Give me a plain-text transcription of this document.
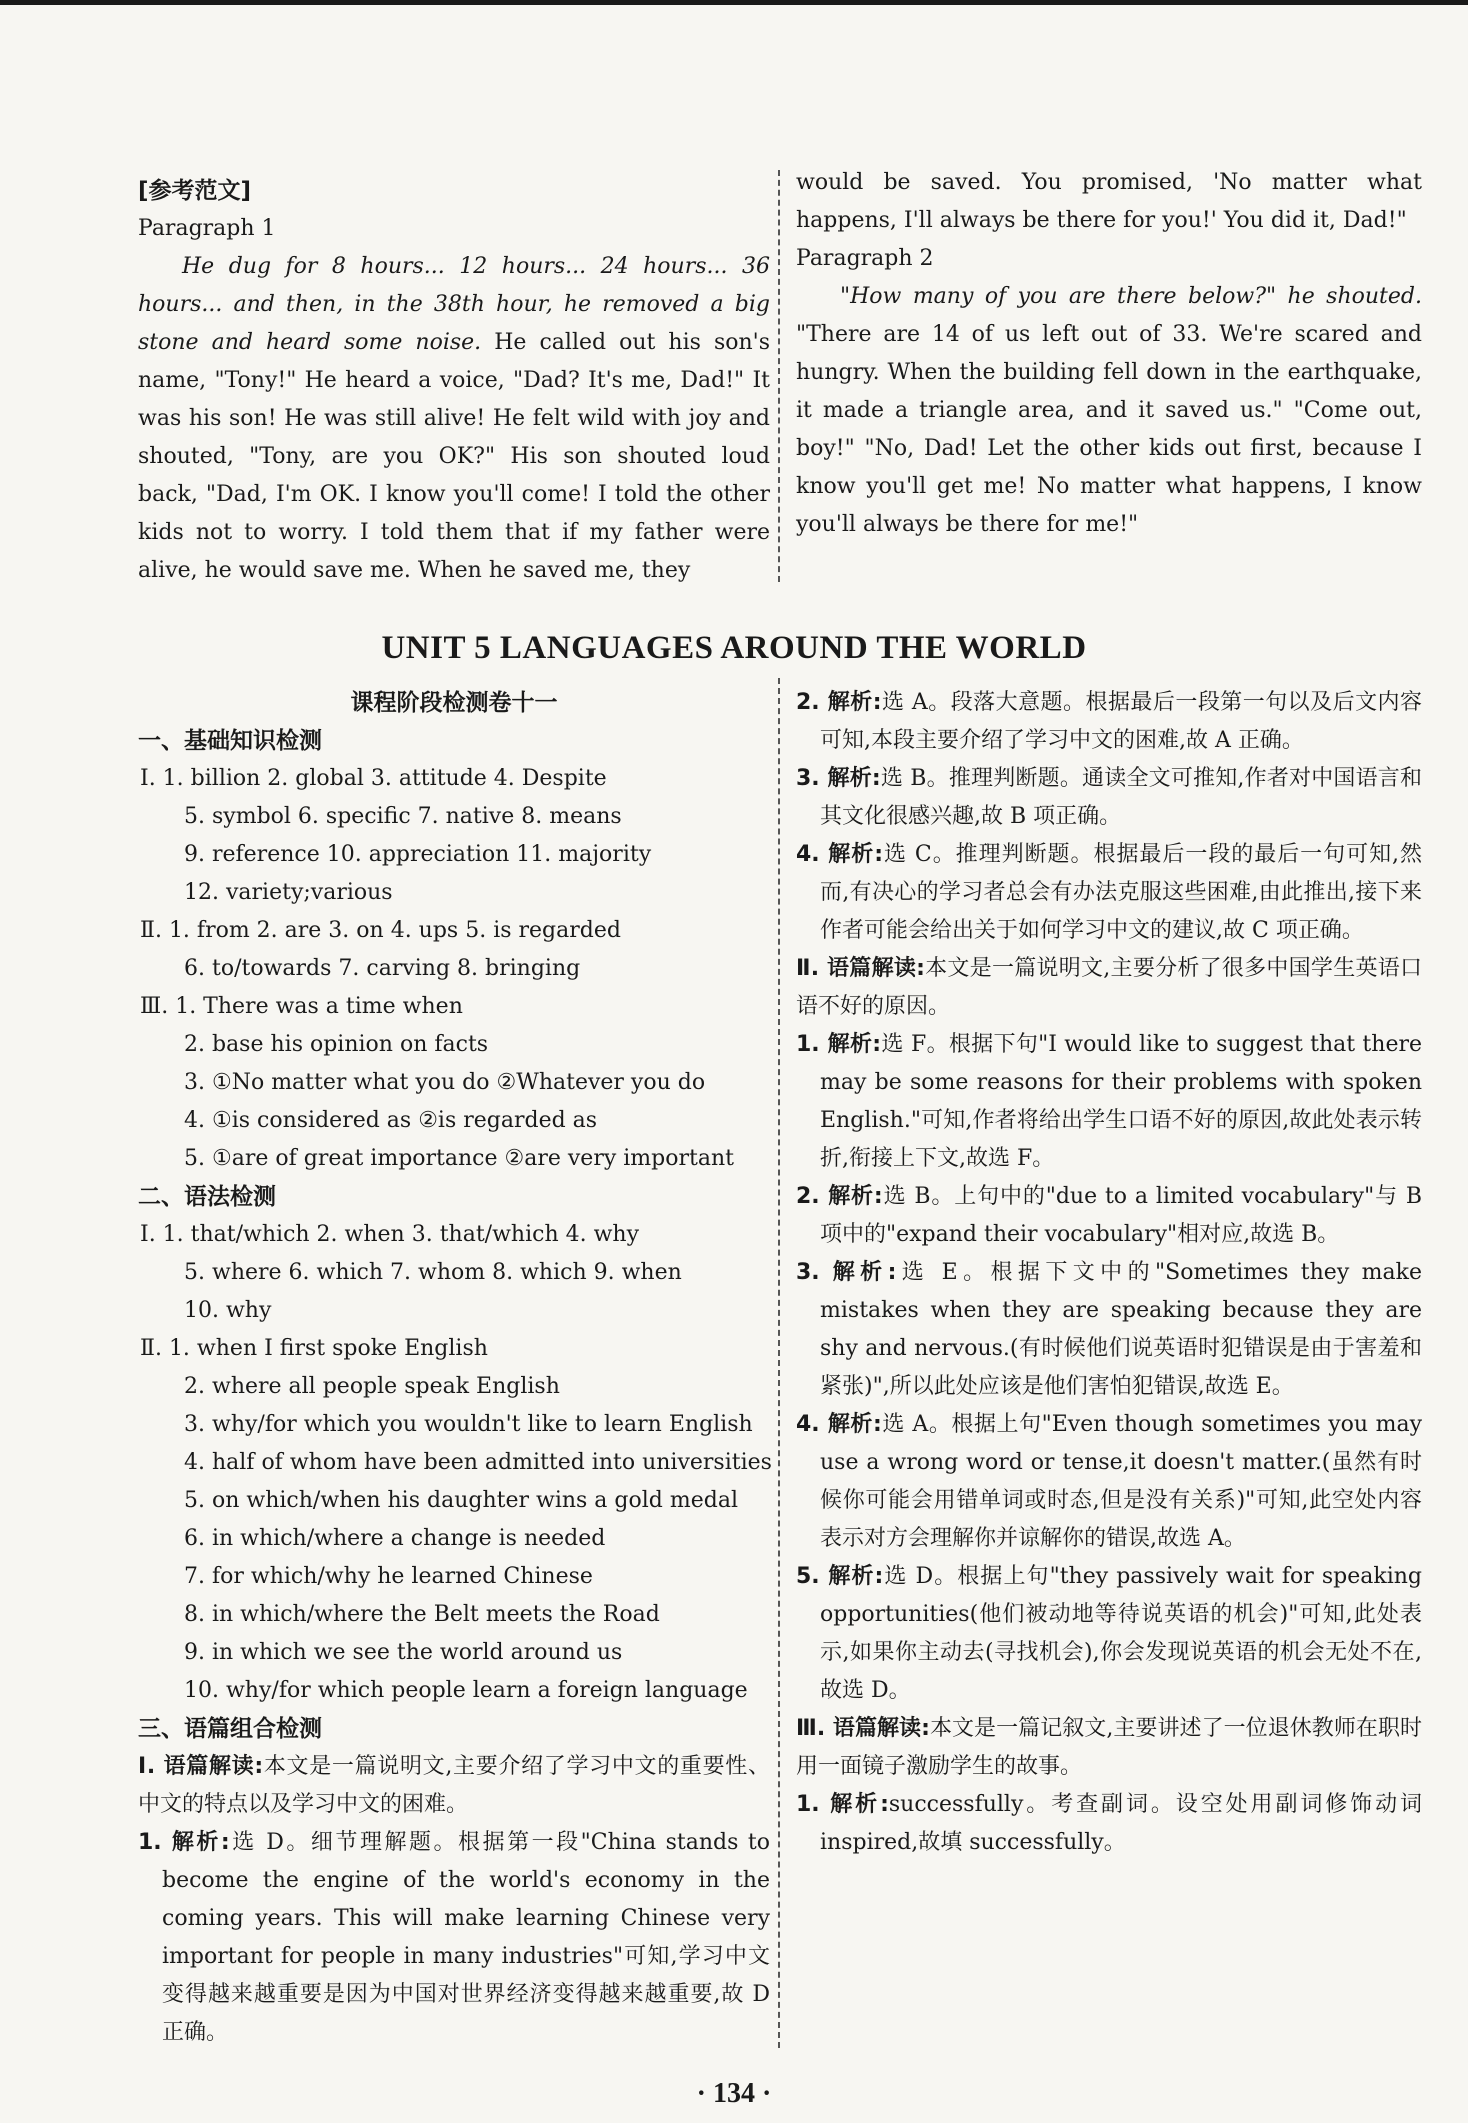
[参考范文]

Paragraph 1

He dug for 8 hours... 12 hours... 24 hours... 36 hours... and then, in the 38th hour, he removed a big stone and heard some noise. He called out his son's name, "Tony!" He heard a voice, "Dad? It's me, Dad!" It was his son! He was still alive! He felt wild with joy and shouted, "Tony, are you OK?" His son shouted loud back, "Dad, I'm OK. I know you'll come! I told the other kids not to worry. I told them that if my father were alive, he would save me. When he saved me, they

would be saved. You promised, 'No matter what happens, I'll always be there for you!' You did it, Dad!"

Paragraph 2

"How many of you are there below?" he shouted. "There are 14 of us left out of 33. We're scared and hungry. When the building fell down in the earthquake, it made a triangle area, and it saved us." "Come out, boy!" "No, Dad! Let the other kids out first, because I know you'll get me! No matter what happens, I know you'll always be there for me!"

UNIT 5 LANGUAGES AROUND THE WORLD

课程阶段检测卷十一

一、基础知识检测

Ⅰ. 1. billion 2. global 3. attitude 4. Despite

5. symbol 6. specific 7. native 8. means

9. reference 10. appreciation 11. majority

12. variety;various

Ⅱ. 1. from 2. are 3. on 4. ups 5. is regarded

6. to/towards 7. carving 8. bringing

Ⅲ. 1. There was a time when

2. base his opinion on facts

3. ①No matter what you do ②Whatever you do

4. ①is considered as ②is regarded as

5. ①are of great importance ②are very important

二、语法检测

Ⅰ. 1. that/which 2. when 3. that/which 4. why

5. where 6. which 7. whom 8. which 9. when

10. why

Ⅱ. 1. when I first spoke English

2. where all people speak English

3. why/for which you wouldn't like to learn English

4. half of whom have been admitted into universities

5. on which/when his daughter wins a gold medal

6. in which/where a change is needed

7. for which/why he learned Chinese

8. in which/where the Belt meets the Road

9. in which we see the world around us

10. why/for which people learn a foreign language

三、语篇组合检测

Ⅰ. 语篇解读:本文是一篇说明文,主要介绍了学习中文的重要性、中文的特点以及学习中文的困难。

1. 解析:选 D。细节理解题。根据第一段"China stands to become the engine of the world's economy in the coming years. This will make learning Chinese very important for people in many industries"可知,学习中文变得越来越重要是因为中国对世界经济变得越来越重要,故 D 正确。

2. 解析:选 A。段落大意题。根据最后一段第一句以及后文内容可知,本段主要介绍了学习中文的困难,故 A 正确。

3. 解析:选 B。推理判断题。通读全文可推知,作者对中国语言和其文化很感兴趣,故 B 项正确。

4. 解析:选 C。推理判断题。根据最后一段的最后一句可知,然而,有决心的学习者总会有办法克服这些困难,由此推出,接下来作者可能会给出关于如何学习中文的建议,故 C 项正确。

Ⅱ. 语篇解读:本文是一篇说明文,主要分析了很多中国学生英语口语不好的原因。

1. 解析:选 F。根据下句"I would like to suggest that there may be some reasons for their problems with spoken English."可知,作者将给出学生口语不好的原因,故此处表示转折,衔接上下文,故选 F。

2. 解析:选 B。上句中的"due to a limited vocabulary"与 B 项中的"expand their vocabulary"相对应,故选 B。

3. 解析:选 E。根据下文中的"Sometimes they make mistakes when they are speaking because they are shy and nervous.(有时候他们说英语时犯错误是由于害羞和紧张)",所以此处应该是他们害怕犯错误,故选 E。

4. 解析:选 A。根据上句"Even though sometimes you may use a wrong word or tense,it doesn't matter.(虽然有时候你可能会用错单词或时态,但是没有关系)"可知,此空处内容表示对方会理解你并谅解你的错误,故选 A。

5. 解析:选 D。根据上句"they passively wait for speaking opportunities(他们被动地等待说英语的机会)"可知,此处表示,如果你主动去(寻找机会),你会发现说英语的机会无处不在,故选 D。

Ⅲ. 语篇解读:本文是一篇记叙文,主要讲述了一位退休教师在职时用一面镜子激励学生的故事。

1. 解析:successfully。考查副词。设空处用副词修饰动词 inspired,故填 successfully。

· 134 ·
